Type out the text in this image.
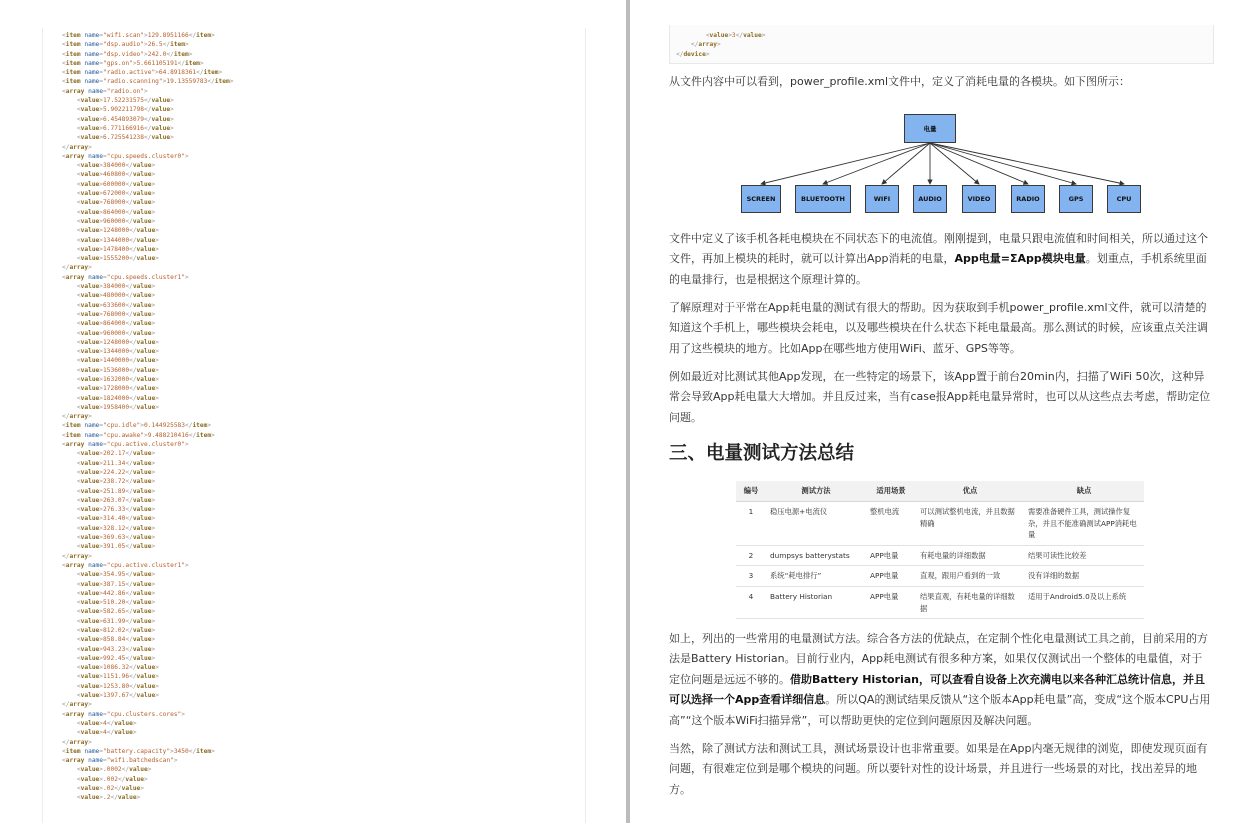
<item name="wifi.scan">129.8951166</item>
<item name="dsp.audio">26.5</item>
<item name="dsp.video">242.0</item>
<item name="gps.on">5.661105191</item>
<item name="radio.active">64.8918361</item>
<item name="radio.scanning">19.13559783</item>
<array name="radio.on">
<value>17.52231575</value>
<value>5.902211798</value>
<value>6.454893079</value>
<value>6.771166916</value>
<value>6.725541238</value>
</array>
<array name="cpu.speeds.cluster0">
<value>384000</value>
<value>460800</value>
<value>600000</value>
<value>672000</value>
<value>768000</value>
<value>864000</value>
<value>960000</value>
<value>1248000</value>
<value>1344000</value>
<value>1478400</value>
<value>1555200</value>
</array>
<array name="cpu.speeds.cluster1">
<value>384000</value>
<value>480000</value>
<value>633600</value>
<value>768000</value>
<value>864000</value>
<value>960000</value>
<value>1248000</value>
<value>1344000</value>
<value>1440000</value>
<value>1536000</value>
<value>1632000</value>
<value>1728000</value>
<value>1824000</value>
<value>1958400</value>
</array>
<item name="cpu.idle">0.144925583</item>
<item name="cpu.awake">9.488210416</item>
<array name="cpu.active.cluster0">
<value>202.17</value>
<value>211.34</value>
<value>224.22</value>
<value>238.72</value>
<value>251.89</value>
<value>263.07</value>
<value>276.33</value>
<value>314.40</value>
<value>328.12</value>
<value>369.63</value>
<value>391.05</value>
</array>
<array name="cpu.active.cluster1">
<value>354.95</value>
<value>387.15</value>
<value>442.86</value>
<value>510.20</value>
<value>582.65</value>
<value>631.99</value>
<value>812.02</value>
<value>858.84</value>
<value>943.23</value>
<value>992.45</value>
<value>1086.32</value>
<value>1151.96</value>
<value>1253.80</value>
<value>1397.67</value>
</array>
<array name="cpu.clusters.cores">
<value>4</value>
<value>4</value>
</array>
<item name="battery.capacity">3450</item>
<array name="wifi.batchedscan">
<value>.0002</value>
<value>.002</value>
<value>.02</value>
<value>.2</value>
<value>3</value>
</array>
</device>

从文件内容中可以看到，power_profile.xml文件中，定义了消耗电量的各模块。如下图所示：

电量
SCREEN	BLUETOOTH	WIFI	AUDIO	VIDEO	RADIO	GPS	CPU

文件中定义了该手机各耗电模块在不同状态下的电流值。刚刚提到，电量只跟电流值和时间相关，所以通过这个文件，再加上模块的耗时，就可以计算出App消耗的电量，App电量=ΣApp模块电量。划重点，手机系统里面的电量排行，也是根据这个原理计算的。

了解原理对于平常在App耗电量的测试有很大的帮助。因为获取到手机power_profile.xml文件，就可以清楚的知道这个手机上，哪些模块会耗电，以及哪些模块在什么状态下耗电量最高。那么测试的时候，应该重点关注调用了这些模块的地方。比如App在哪些地方使用WiFi、蓝牙、GPS等等。

例如最近对比测试其他App发现，在一些特定的场景下，该App置于前台20min内，扫描了WiFi 50次，这种异常会导致App耗电量大大增加。并且反过来，当有case报App耗电量异常时，也可以从这些点去考虑，帮助定位问题。

三、电量测试方法总结
编号	测试方法	适用场景	优点	缺点
1	稳压电源+电流仪	整机电流	可以测试整机电流，并且数据精确	需要准备硬件工具，测试操作复杂，并且不能准确测试APP消耗电量
2	dumpsys batterystats	APP电量	有耗电量的详细数据	结果可读性比较差
3	系统“耗电排行”	APP电量	直观，跟用户看到的一致	没有详细的数据
4	Battery Historian	APP电量	结果直观，有耗电量的详细数据	适用于Android5.0及以上系统

如上，列出的一些常用的电量测试方法。综合各方法的优缺点，在定制个性化电量测试工具之前，目前采用的方法是Battery Historian。目前行业内，App耗电测试有很多种方案，如果仅仅测试出一个整体的电量值，对于定位问题是远远不够的。借助Battery Historian，可以查看自设备上次充满电以来各种汇总统计信息，并且可以选择一个App查看详细信息。所以QA的测试结果反馈从“这个版本App耗电量”高，变成“这个版本CPU占用高”“这个版本WiFi扫描异常”，可以帮助更快的定位到问题原因及解决问题。

当然，除了测试方法和测试工具，测试场景设计也非常重要。如果是在App内毫无规律的浏览，即使发现页面有问题，有很难定位到是哪个模块的问题。所以要针对性的设计场景，并且进行一些场景的对比，找出差异的地方。
